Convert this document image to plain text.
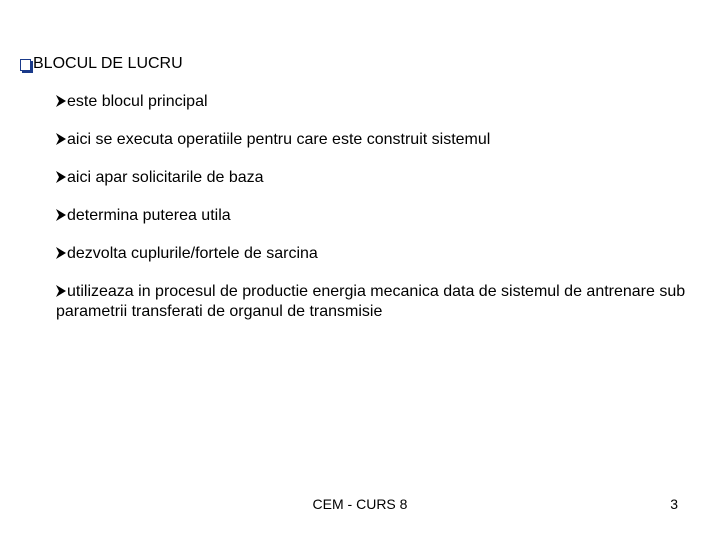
BLOCUL DE LUCRU
este blocul principal
aici se executa operatiile pentru care este construit sistemul
aici apar solicitarile de baza
determina puterea utila
dezvolta cuplurile/fortele de sarcina
utilizeaza in procesul de productie energia mecanica data de sistemul de antrenare sub parametrii transferati de organul de transmisie
CEM - CURS 8	3
